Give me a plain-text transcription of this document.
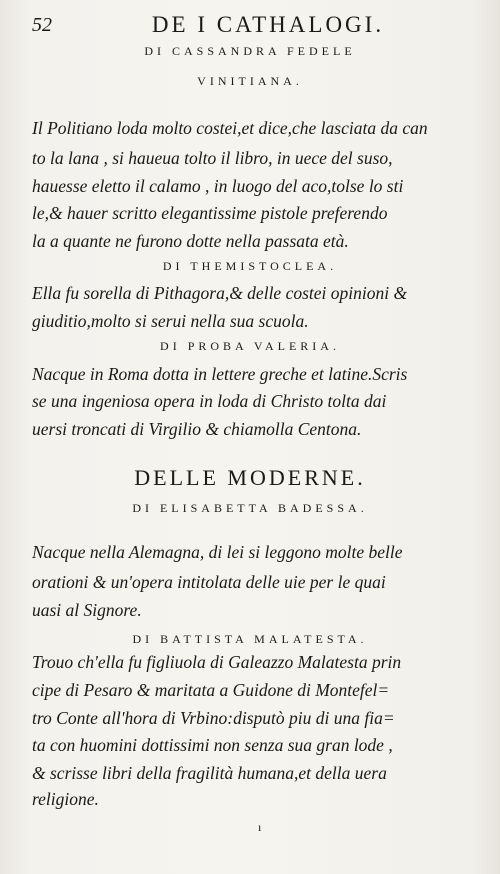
52	DE I CATHALOGI.
DI CASSANDRA FEDELE
VINITIANA.
Il Politiano loda molto costei,et dice,che lasciata da can
to la lana , si haueua tolto il libro, in uece del suso,
hauesse eletto il calamo , in luogo del aco,tolse lo sti
le,& hauer scritto elegantissime pistole preferendo
la a quante ne furono dotte nella passata età.
DI THEMISTOCLEA.
Ella fu sorella di Pithagora,& delle costei opinioni &
giuditio,molto si serui nella sua scuola.
DI PROBA VALERIA.
Nacque in Roma dotta in lettere greche et latine.Scris
se una ingeniosa opera in loda di Christo tolta dai
uersi troncati di Virgilio & chiamolla Centona.
DELLE MODERNE.
DI ELISABETTA BADESSA.
Nacque nella Alemagna, di lei si leggono molte belle
orationi & un'opera intitolata delle uie per le quai
uasi al Signore.
DI BATTISTA MALATESTA.
Trouo ch'ella fu figliuola di Galeazzo Malatesta prin
cipe di Pesaro & maritata a Guidone di Montefel=
tro Conte all'hora di Vrbino:disputò piu di una fia=
ta con huomini dottissimi non senza sua gran lode ,
& scrisse libri della fragilità humana,et della uera
religione.
ı
